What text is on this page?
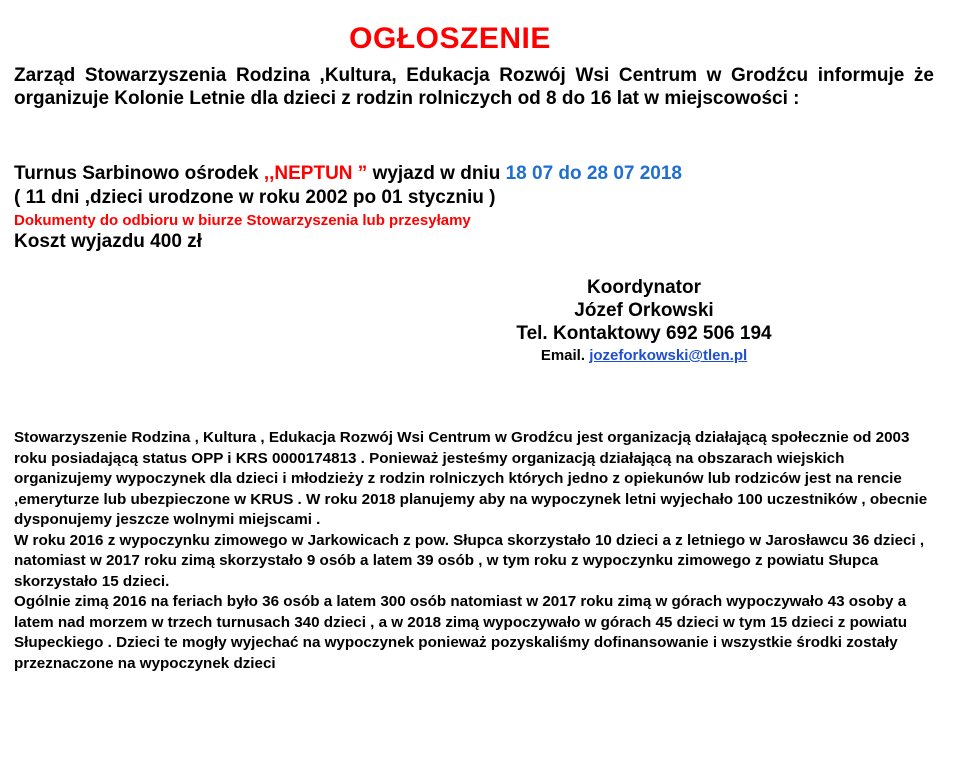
OGŁOSZENIE
Zarząd Stowarzyszenia Rodzina ,Kultura, Edukacja Rozwój Wsi Centrum w Grodźcu informuje że organizuje Kolonie Letnie dla dzieci z rodzin rolniczych od 8 do 16 lat w miejscowości :
Turnus Sarbinowo ośrodek ,,NEPTUN ” wyjazd w dniu 18 07 do 28 07 2018
( 11 dni ,dzieci urodzone w roku 2002 po 01 styczniu )
Dokumenty do odbioru w biurze Stowarzyszenia lub przesyłamy
Koszt wyjazdu 400 zł
Koordynator
Józef Orkowski
Tel. Kontaktowy 692 506 194
Email. jozeforkowski@tlen.pl

Stowarzyszenie Rodzina , Kultura , Edukacja Rozwój Wsi Centrum w Grodźcu jest organizacją działającą społecznie od 2003 roku posiadającą status OPP i KRS 0000174813 . Ponieważ jesteśmy organizacją działającą na obszarach wiejskich organizujemy wypoczynek dla dzieci i młodzieży z rodzin rolniczych których jedno z opiekunów lub rodziców jest na rencie ,emeryturze lub ubezpieczone w KRUS . W roku 2018 planujemy aby na wypoczynek letni wyjechało 100 uczestników , obecnie dysponujemy jeszcze wolnymi miejscami .

W roku 2016 z wypoczynku zimowego w Jarkowicach z pow. Słupca skorzystało 10 dzieci a z letniego w Jarosławcu 36 dzieci , natomiast w 2017 roku zimą skorzystało 9 osób a latem 39 osób , w tym roku z wypoczynku zimowego z powiatu Słupca skorzystało 15 dzieci.

Ogólnie zimą 2016 na feriach było 36 osób a latem 300 osób natomiast w 2017 roku zimą w górach wypoczywało 43 osoby a latem nad morzem w trzech turnusach 340 dzieci , a w 2018 zimą wypoczywało w górach 45 dzieci w tym 15 dzieci z powiatu Słupeckiego . Dzieci te mogły wyjechać na wypoczynek ponieważ pozyskaliśmy dofinansowanie i wszystkie środki zostały przeznaczone na wypoczynek dzieci
